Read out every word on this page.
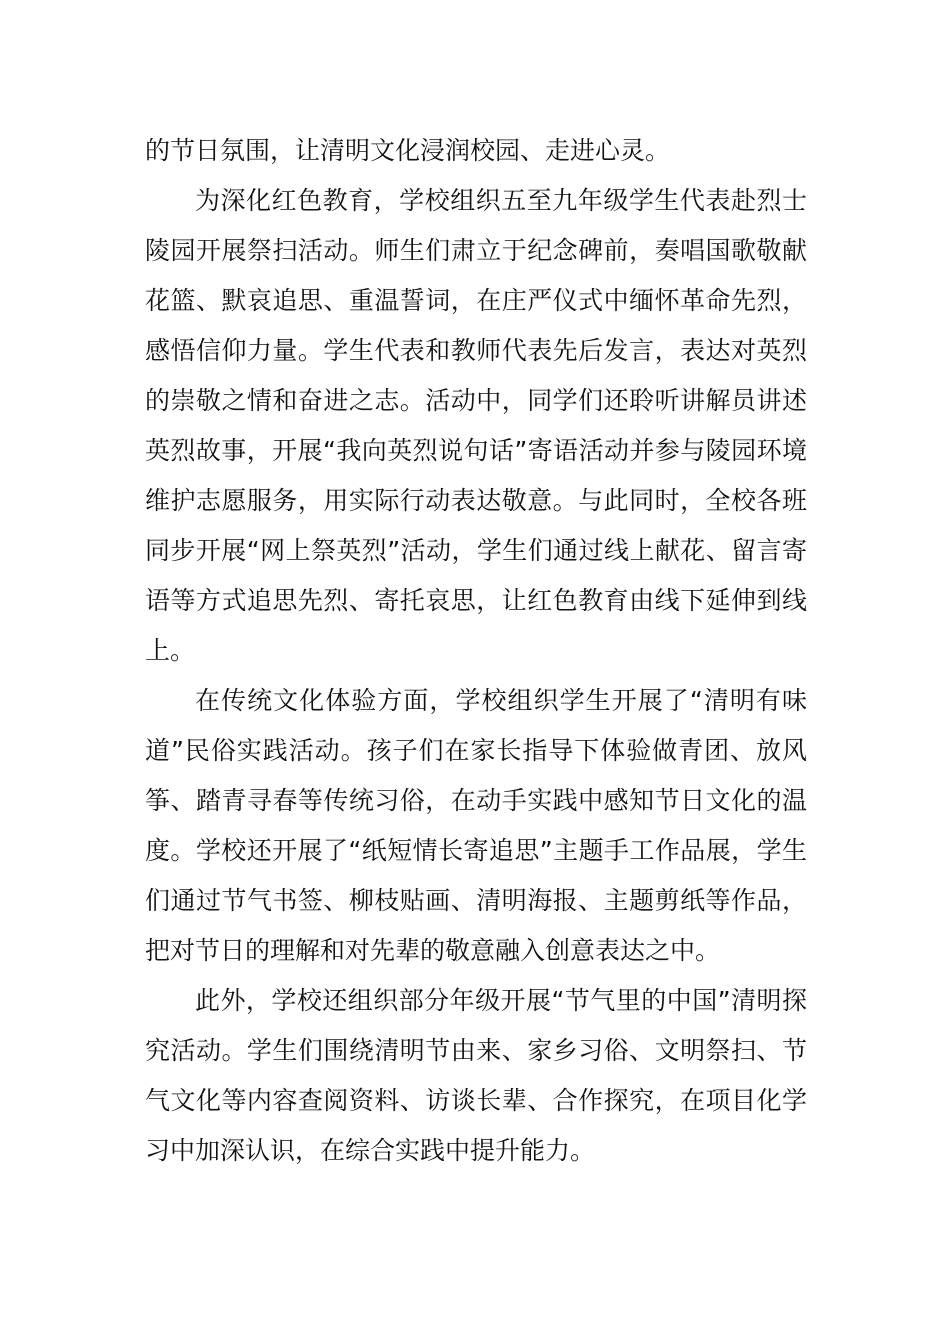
的节日氛围，让清明文化浸润校园、走进心灵。

为深化红色教育，学校组织五至九年级学生代表赴烈士陵园开展祭扫活动。师生们肃立于纪念碑前，奏唱国歌敬献花篮、默哀追思、重温誓词，在庄严仪式中缅怀革命先烈，感悟信仰力量。学生代表和教师代表先后发言，表达对英烈的崇敬之情和奋进之志。活动中，同学们还聆听讲解员讲述英烈故事，开展“我向英烈说句话”寄语活动并参与陵园环境维护志愿服务，用实际行动表达敬意。与此同时，全校各班同步开展“网上祭英烈”活动，学生们通过线上献花、留言寄语等方式追思先烈、寄托哀思，让红色教育由线下延伸到线上。

在传统文化体验方面，学校组织学生开展了“清明有味道”民俗实践活动。孩子们在家长指导下体验做青团、放风筝、踏青寻春等传统习俗，在动手实践中感知节日文化的温度。学校还开展了“纸短情长寄追思”主题手工作品展，学生们通过节气书签、柳枝贴画、清明海报、主题剪纸等作品，把对节日的理解和对先辈的敬意融入创意表达之中。

此外，学校还组织部分年级开展“节气里的中国”清明探究活动。学生们围绕清明节由来、家乡习俗、文明祭扫、节气文化等内容查阅资料、访谈长辈、合作探究，在项目化学习中加深认识，在综合实践中提升能力。
